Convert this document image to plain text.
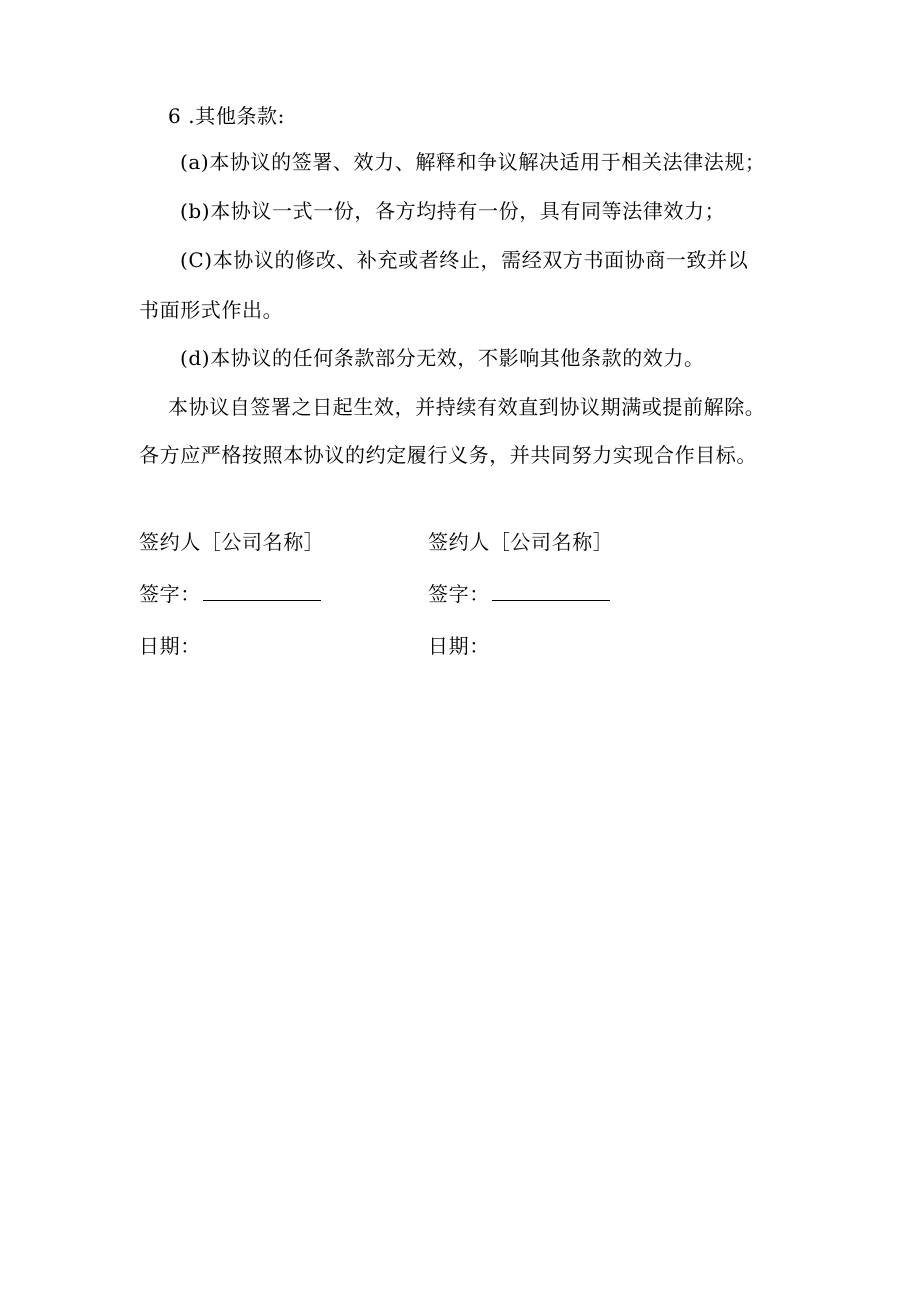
6 .其他条款:
(a)本协议的签署、效力、解释和争议解决适用于相关法律法规；
(b)本协议一式一份，各方均持有一份，具有同等法律效力；
(C)本协议的修改、补充或者终止，需经双方书面协商一致并以
书面形式作出。
(d)本协议的任何条款部分无效，不影响其他条款的效力。
本协议自签署之日起生效，并持续有效直到协议期满或提前解除。
各方应严格按照本协议的约定履行义务，并共同努力实现合作目标。
签约人［公司名称］
签字：
日期：
签约人［公司名称］
签字：
日期：
